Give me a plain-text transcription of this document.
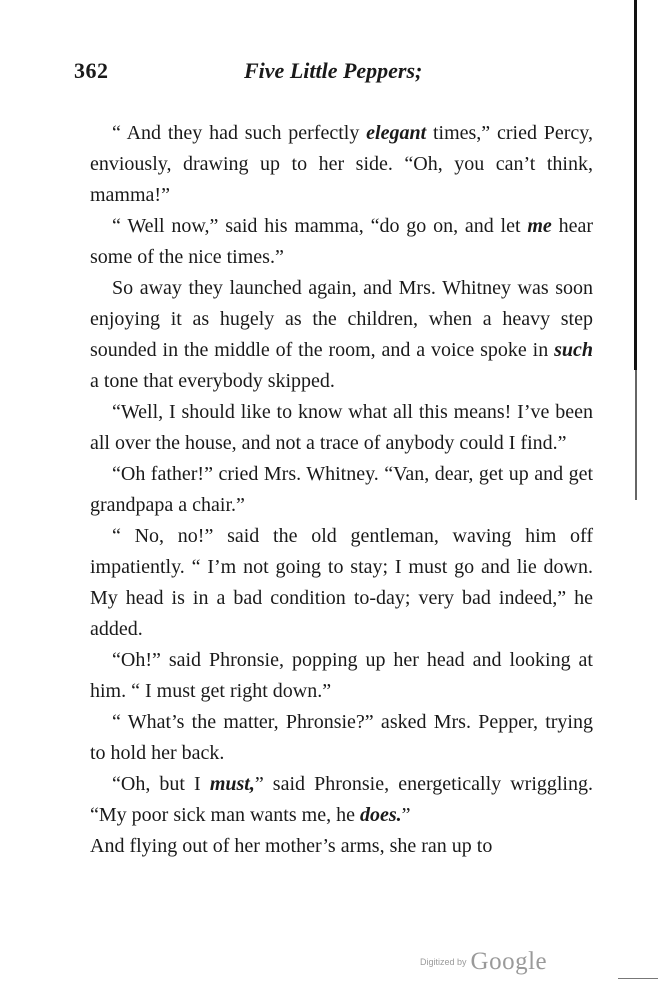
362	Five Little Peppers;

“ And they had such perfectly elegant times,” cried Percy, enviously, drawing up to her side. “Oh, you can’t think, mamma!”

“ Well now,” said his mamma, “do go on, and let me hear some of the nice times.”

So away they launched again, and Mrs. Whitney was soon enjoying it as hugely as the children, when a heavy step sounded in the middle of the room, and a voice spoke in such a tone that everybody skipped.

“Well, I should like to know what all this means! I’ve been all over the house, and not a trace of anybody could I find.”

“Oh father!” cried Mrs. Whitney. “Van, dear, get up and get grandpapa a chair.”

“ No, no!” said the old gentleman, waving him off impatiently. “ I’m not going to stay; I must go and lie down. My head is in a bad condition to-day; very bad indeed,” he added.

“Oh!” said Phronsie, popping up her head and looking at him. “ I must get right down.”

“ What’s the matter, Phronsie?” asked Mrs. Pepper, trying to hold her back.

“Oh, but I must,” said Phronsie, energetically wriggling. “My poor sick man wants me, he does.”

And flying out of her mother’s arms, she ran up to

Digitized by Google
